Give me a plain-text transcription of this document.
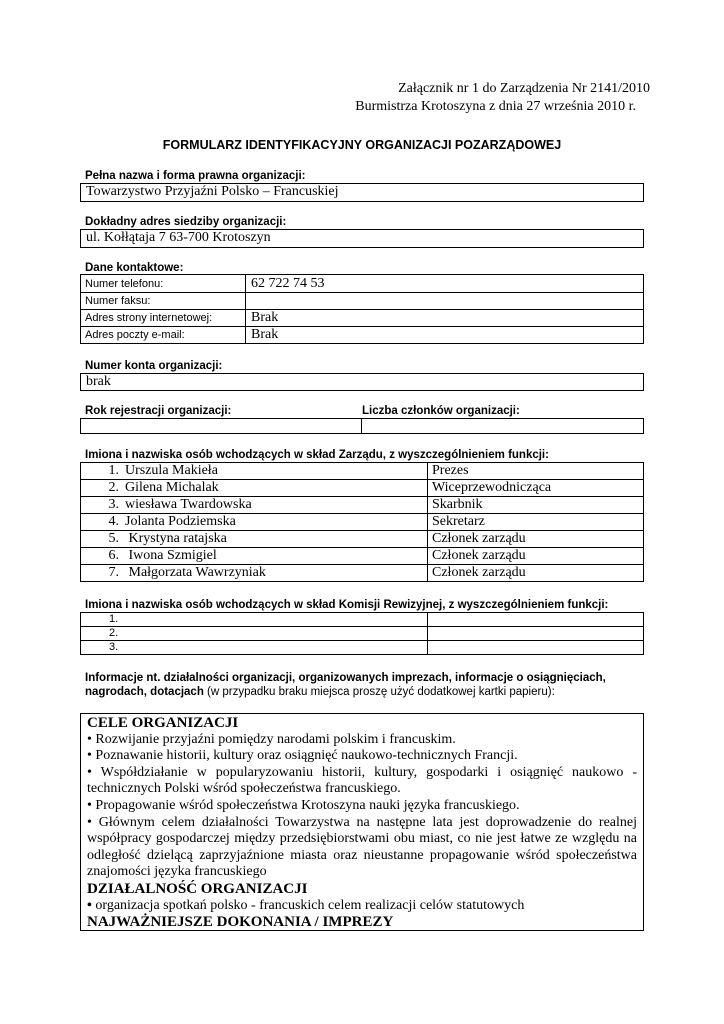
Załącznik nr 1 do Zarządzenia Nr 2141/2010
Burmistrza Krotoszyna z dnia 27 września 2010 r.
FORMULARZ IDENTYFIKACYJNY ORGANIZACJI POZARZĄDOWEJ
Pełna nazwa i forma prawna organizacji:
Towarzystwo Przyjaźni Polsko – Francuskiej
Dokładny adres siedziby organizacji:
ul. Kołłątaja 7 63-700 Krotoszyn
Dane kontaktowe:
Numer telefonu:	62 722 74 53
Numer faksu:	
Adres strony internetowej:	Brak
Adres poczty e-mail:	Brak
Numer konta organizacji:
brak
Rok rejestracji organizacji:	Liczba członków organizacji:

Imiona i nazwiska osób wchodzących w skład Zarządu, z wyszczególnieniem funkcji:
1. Urszula Makieła	Prezes
2. Gilena Michalak	Wiceprzewodnicząca
3. wiesława Twardowska	Skarbnik
4. Jolanta Podziemska	Sekretarz
5. Krystyna ratajska	Członek zarządu
6. Iwona Szmigiel	Członek zarządu
7. Małgorzata Wawrzyniak	Członek zarządu
Imiona i nazwiska osób wchodzących w skład Komisji Rewizyjnej, z wyszczególnieniem funkcji:
1.	
2.	
3.	
Informacje nt. działalności organizacji, organizowanych imprezach, informacje o osiągnięciach, nagrodach, dotacjach (w przypadku braku miejsca proszę użyć dodatkowej kartki papieru):

CELE ORGANIZACJI

• Rozwijanie przyjaźni pomiędzy narodami polskim i francuskim.

• Poznawanie historii, kultury oraz osiągnięć naukowo-technicznych Francji.

• Współdziałanie w popularyzowaniu historii, kultury, gospodarki i osiągnięć naukowo - technicznych Polski wśród społeczeństwa francuskiego.

• Propagowanie wśród społeczeństwa Krotoszyna nauki języka francuskiego.

• Głównym celem działalności Towarzystwa na następne lata jest doprowadzenie do realnej współpracy gospodarczej między przedsiębiorstwami obu miast, co nie jest łatwe ze względu na odległość dzielącą zaprzyjaźnione miasta oraz nieustanne propagowanie wśród społeczeństwa znajomości języka francuskiego

DZIAŁALNOŚĆ ORGANIZACJI

• organizacja spotkań polsko - francuskich celem realizacji celów statutowych

NAJWAŻNIEJSZE DOKONANIA / IMPREZY
